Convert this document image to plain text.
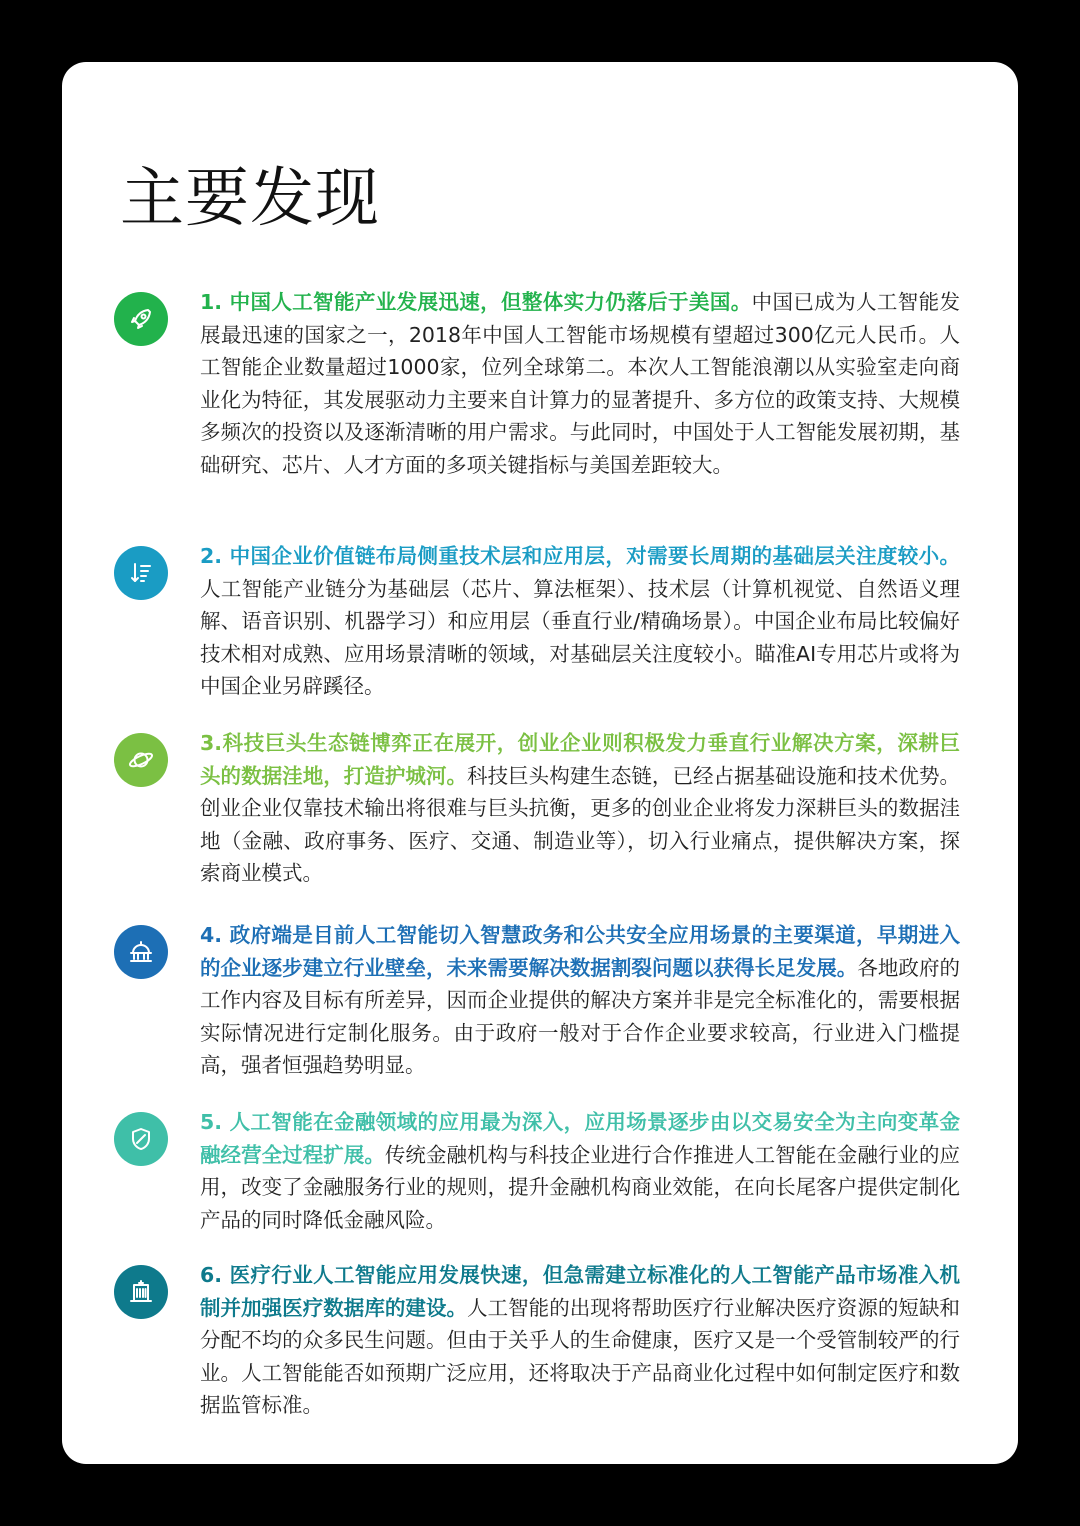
主要发现

1. 中国人工智能产业发展迅速，但整体实力仍落后于美国。中国已成为人工智能发展最迅速的国家之一，2018年中国人工智能市场规模有望超过300亿元人民币。人工智能企业数量超过1000家，位列全球第二。本次人工智能浪潮以从实验室走向商业化为特征，其发展驱动力主要来自计算力的显著提升、多方位的政策支持、大规模多频次的投资以及逐渐清晰的用户需求。与此同时，中国处于人工智能发展初期，基础研究、芯片、人才方面的多项关键指标与美国差距较大。

2. 中国企业价值链布局侧重技术层和应用层，对需要长周期的基础层关注度较小。人工智能产业链分为基础层（芯片、算法框架）、技术层（计算机视觉、自然语义理解、语音识别、机器学习）和应用层（垂直行业/精确场景）。中国企业布局比较偏好技术相对成熟、应用场景清晰的领域，对基础层关注度较小。瞄准AI专用芯片或将为中国企业另辟蹊径。

3.科技巨头生态链博弈正在展开，创业企业则积极发力垂直行业解决方案，深耕巨头的数据洼地，打造护城河。科技巨头构建生态链，已经占据基础设施和技术优势。创业企业仅靠技术输出将很难与巨头抗衡，更多的创业企业将发力深耕巨头的数据洼地（金融、政府事务、医疗、交通、制造业等），切入行业痛点，提供解决方案，探索商业模式。

4. 政府端是目前人工智能切入智慧政务和公共安全应用场景的主要渠道，早期进入的企业逐步建立行业壁垒，未来需要解决数据割裂问题以获得长足发展。各地政府的工作内容及目标有所差异，因而企业提供的解决方案并非是完全标准化的，需要根据实际情况进行定制化服务。由于政府一般对于合作企业要求较高，行业进入门槛提高，强者恒强趋势明显。

5. 人工智能在金融领域的应用最为深入，应用场景逐步由以交易安全为主向变革金融经营全过程扩展。传统金融机构与科技企业进行合作推进人工智能在金融行业的应用，改变了金融服务行业的规则，提升金融机构商业效能，在向长尾客户提供定制化产品的同时降低金融风险。

6. 医疗行业人工智能应用发展快速，但急需建立标准化的人工智能产品市场准入机制并加强医疗数据库的建设。人工智能的出现将帮助医疗行业解决医疗资源的短缺和分配不均的众多民生问题。但由于关乎人的生命健康，医疗又是一个受管制较严的行业。人工智能能否如预期广泛应用，还将取决于产品商业化过程中如何制定医疗和数据监管标准。
